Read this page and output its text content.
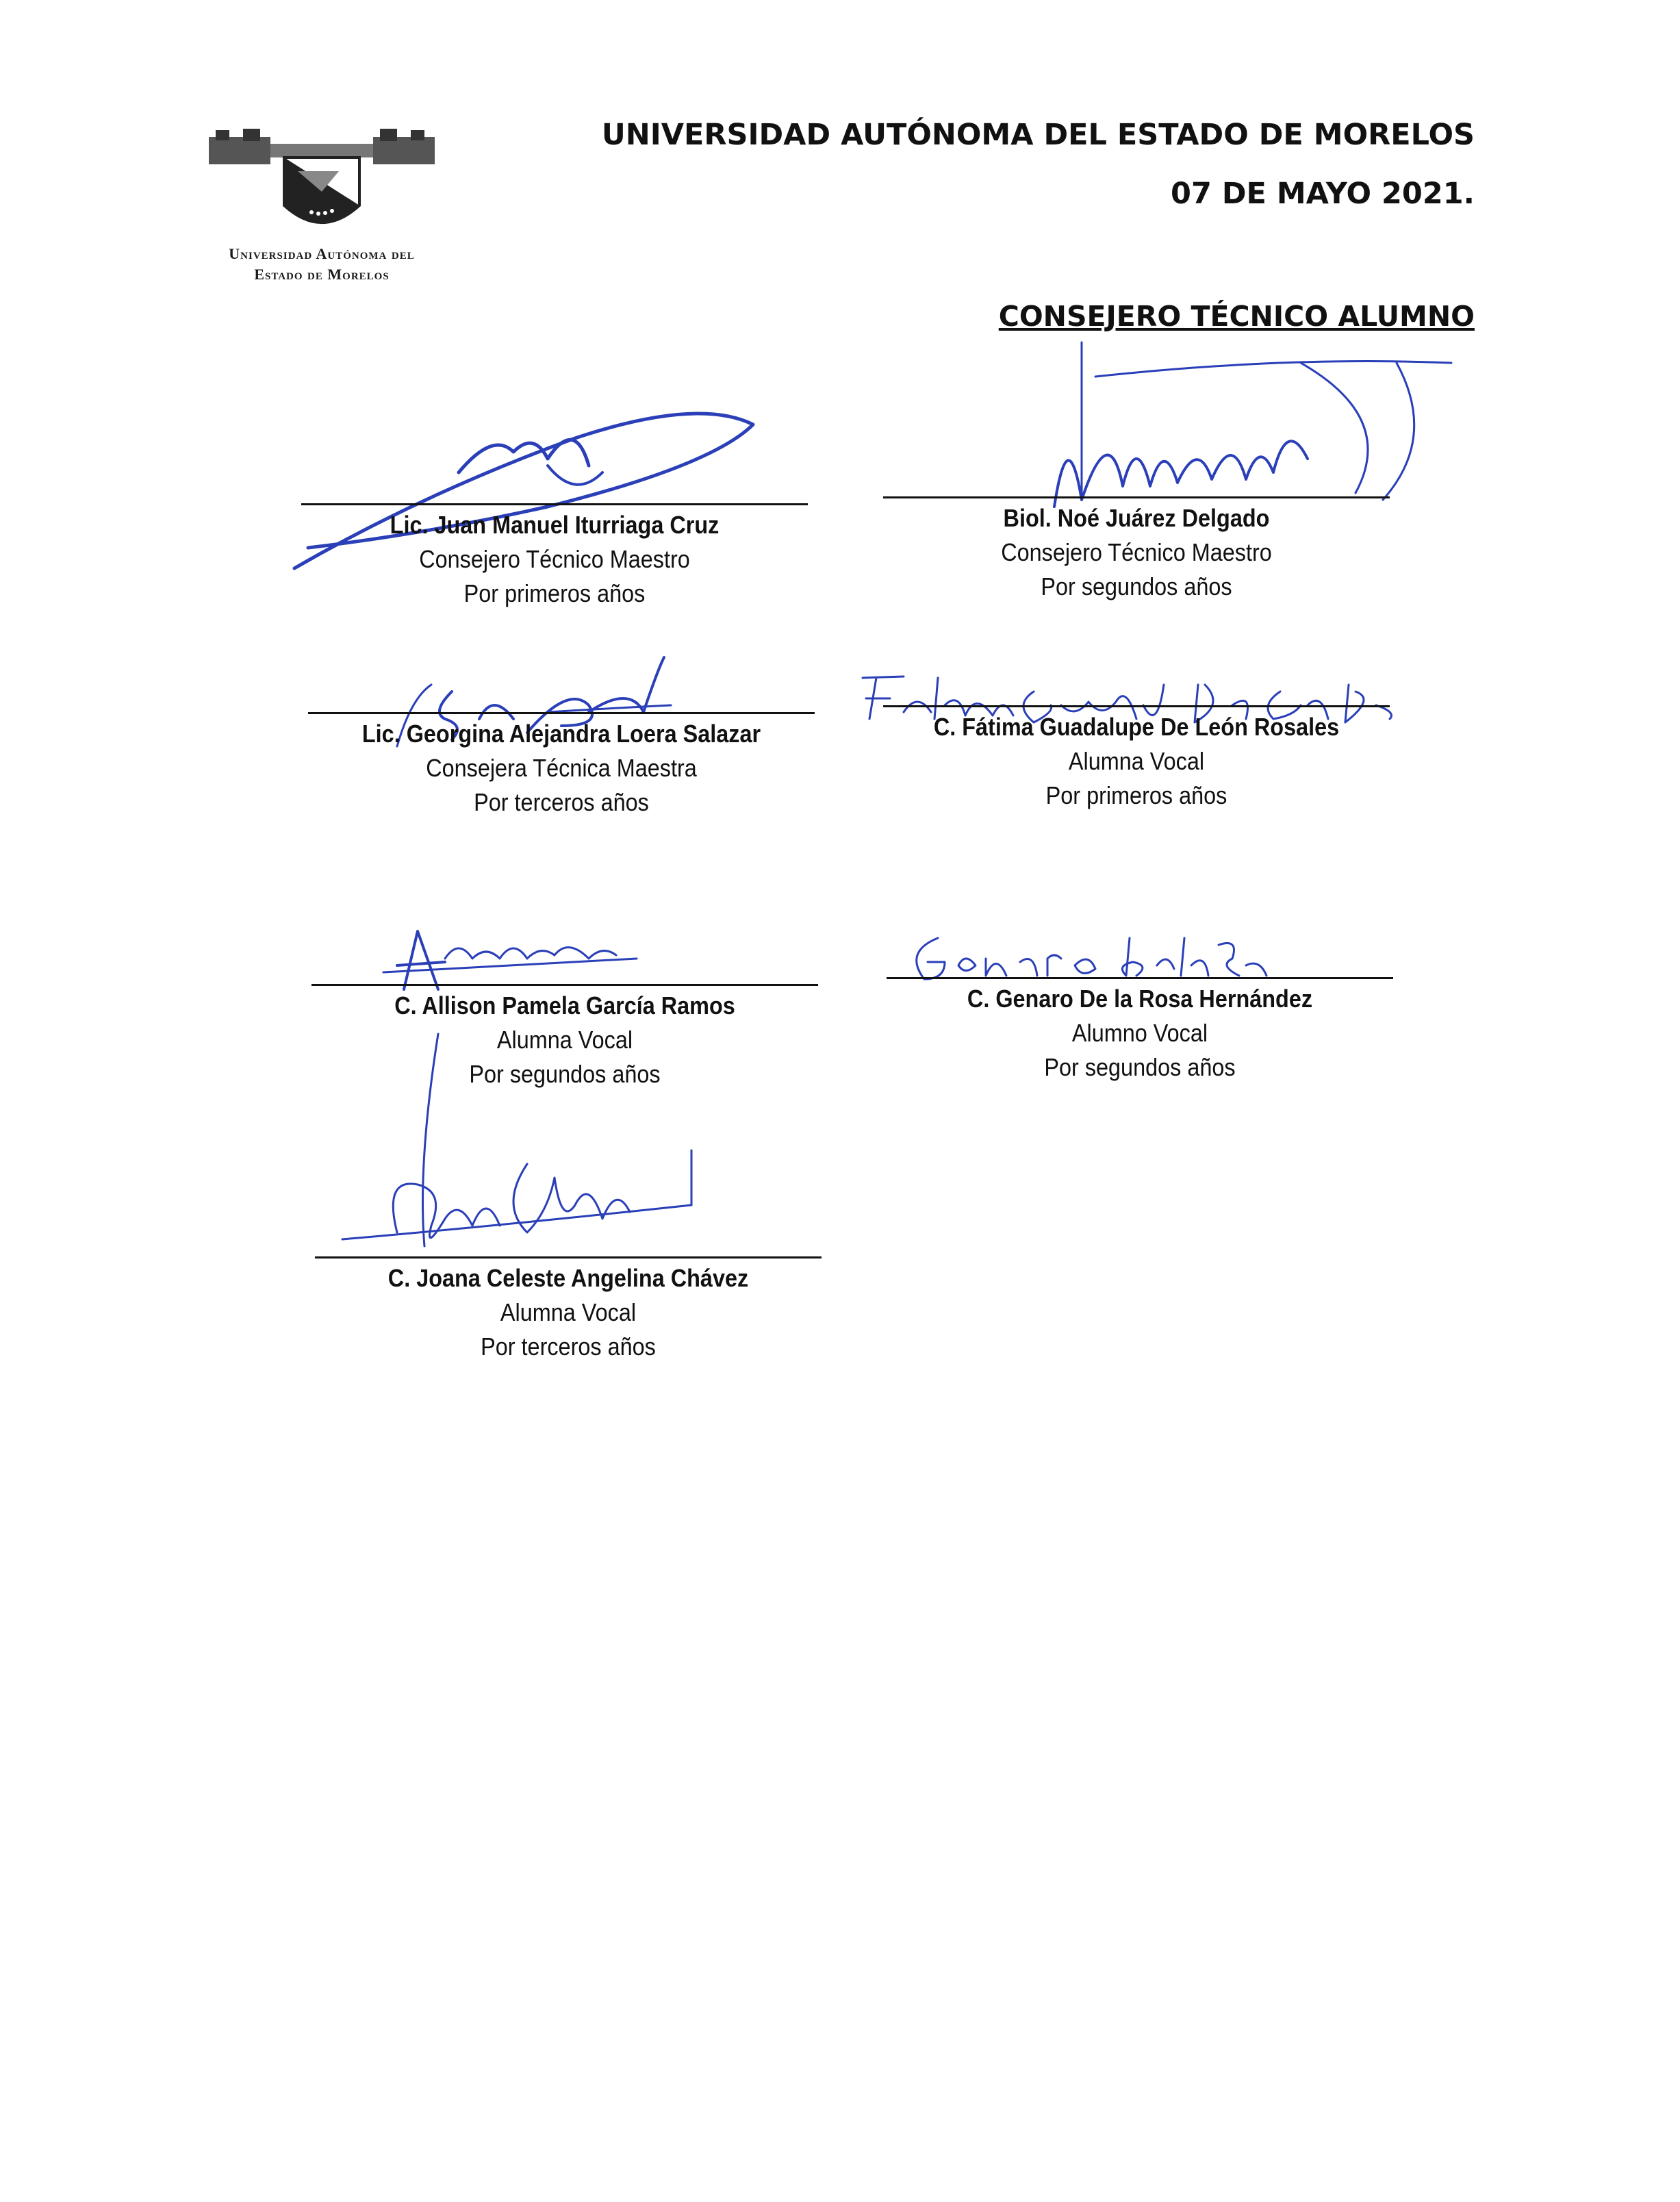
Universidad Autónoma del
Estado de Morelos
UNIVERSIDAD AUTÓNOMA DEL ESTADO DE MORELOS
07 DE MAYO 2021.
CONSEJERO TÉCNICO ALUMNO
Lic. Juan Manuel Iturriaga Cruz
Consejero Técnico Maestro
Por primeros años
Biol. Noé Juárez Delgado
Consejero Técnico Maestro
Por segundos años
Lic. Georgina Alejandra Loera Salazar
Consejera Técnica Maestra
Por terceros años
C. Fátima Guadalupe De León Rosales
Alumna Vocal
Por primeros años
C. Allison Pamela García Ramos
Alumna Vocal
Por segundos años
C. Genaro De la Rosa Hernández
Alumno Vocal
Por segundos años
C. Joana Celeste Angelina Chávez
Alumna Vocal
Por terceros años
